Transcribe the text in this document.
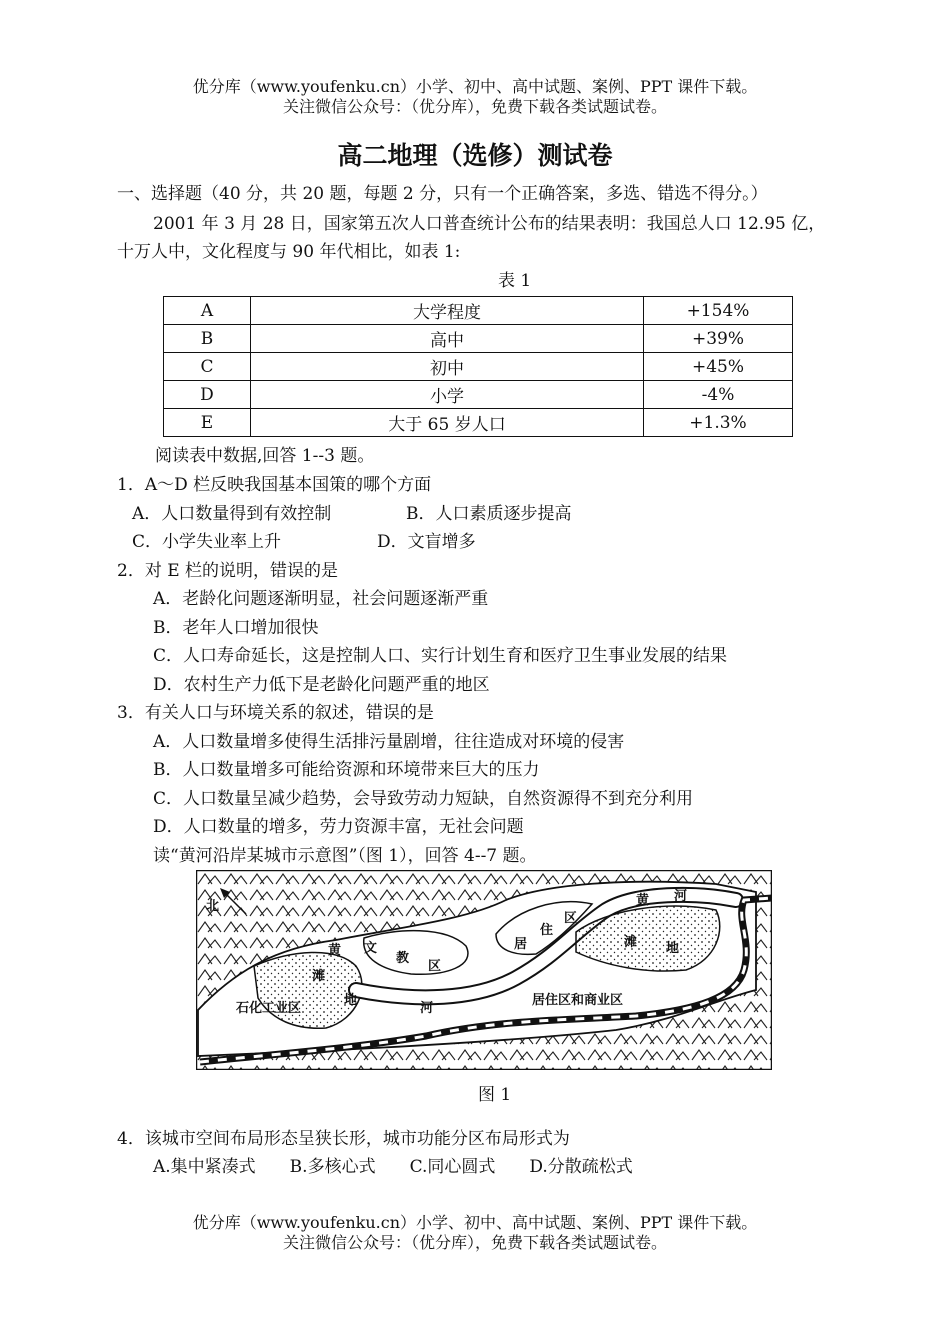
优分库（www.youfenku.cn）小学、初中、高中试题、案例、PPT 课件下载。
关注微信公众号：（优分库），免费下载各类试题试卷。
高二地理（选修）测试卷
一、选择题（40 分，共 20 题，每题 2 分，只有一个正确答案，多选、错选不得分。）
2001 年 3 月 28 日，国家第五次人口普查统计公布的结果表明：我国总人口 12.95 亿，
十万人中，文化程度与 90 年代相比，如表 1:
表 1
A	大学程度	+154%
B	高中	+39%
C	初中	+45%
D	小学	-4%
E	大于 65 岁人口	+1.3%
阅读表中数据,回答 1--3 题。
1．A～D 栏反映我国基本国策的哪个方面
A．人口数量得到有效控制	B．人口素质逐步提高
C．小学失业率上升	D．文盲增多
2．对 E 栏的说明，错误的是
A．老龄化问题逐渐明显，社会问题逐渐严重
B．老年人口增加很快
C．人口寿命延长，这是控制人口、实行计划生育和医疗卫生事业发展的结果
D．农村生产力低下是老龄化问题严重的地区
3．有关人口与环境关系的叙述，错误的是
A．人口数量增多使得生活排污量剧增，往往造成对环境的侵害
B．人口数量增多可能给资源和环境带来巨大的压力
C．人口数量呈减少趋势，会导致劳动力短缺，自然资源得不到充分利用
D．人口数量的增多，劳力资源丰富，无社会问题
读“黄河沿岸某城市示意图”（图 1），回答 4--7 题。
北
黄
滩
地
河
文
教
区
石化工业区
居
住
区
居住区和商业区
滩 地
黄 河
图 1
4．该城市空间布局形态呈狭长形，城市功能分区布局形式为
A.集中紧凑式　　B.多核心式　　C.同心圆式　　D.分散疏松式
优分库（www.youfenku.cn）小学、初中、高中试题、案例、PPT 课件下载。
关注微信公众号：（优分库），免费下载各类试题试卷。
